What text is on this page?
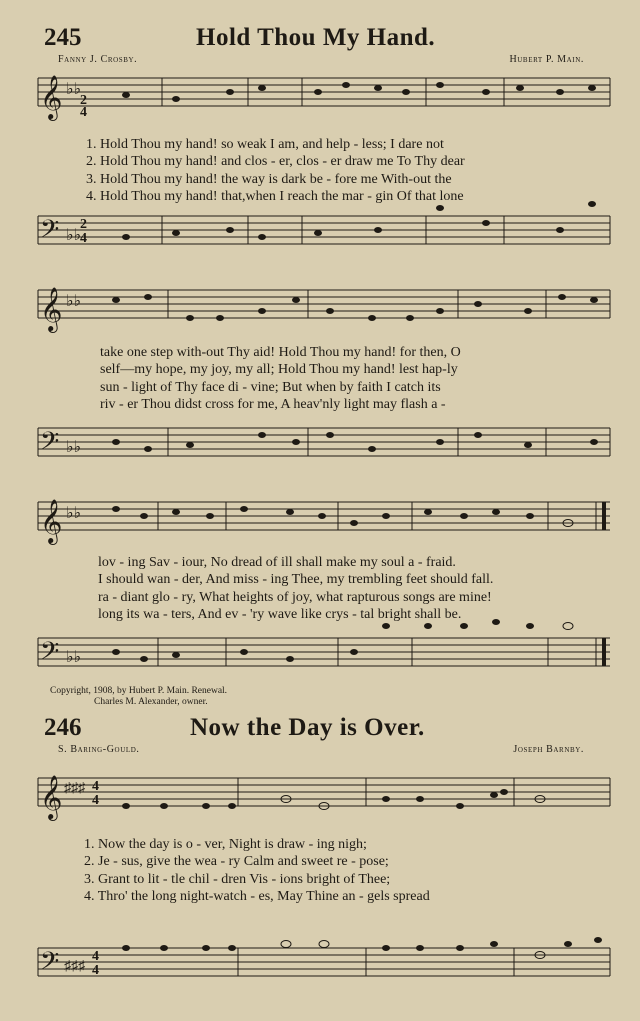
245	Hold Thou My Hand.
Fanny J. Crosby.	Hubert P. Main.
𝄞 ♭♭
2
4
1. Hold Thou my hand! so weak I am, and help - less; I dare not
2. Hold Thou my hand! and clos - er, clos - er draw me To Thy dear
3. Hold Thou my hand! the way is dark be - fore me With-out the
4. Hold Thou my hand! that,when I reach the mar - gin Of that lone
𝄢 ♭♭
2
4
𝄞 ♭♭
take one step with-out Thy aid! Hold Thou my hand! for then, O
self—my hope, my joy, my all; Hold Thou my hand! lest hap-ly
sun - light of Thy face di - vine; But when by faith I catch its
riv - er Thou didst cross for me, A heav'nly light may flash a -
𝄢 ♭♭
𝄞 ♭♭
lov - ing Sav - iour, No dread of ill shall make my soul a - fraid.
I should wan - der, And miss - ing Thee, my trembling feet should fall.
ra - diant glo - ry, What heights of joy, what rapturous songs are mine!
long its wa - ters, And ev - 'ry wave like crys - tal bright shall be.
𝄢 ♭♭
Copyright, 1908, by Hubert P. Main. Renewal.
Charles M. Alexander, owner.
246	Now the Day is Over.
S. Baring-Gould.	Joseph Barnby.
𝄞 ♯♯♯ 4
4
1. Now the day is o - ver, Night is draw - ing nigh;
2. Je - sus, give the wea - ry Calm and sweet re - pose;
3. Grant to lit - tle chil - dren Vis - ions bright of Thee;
4. Thro' the long night-watch - es, May Thine an - gels spread
𝄢 ♯♯♯
4
4
